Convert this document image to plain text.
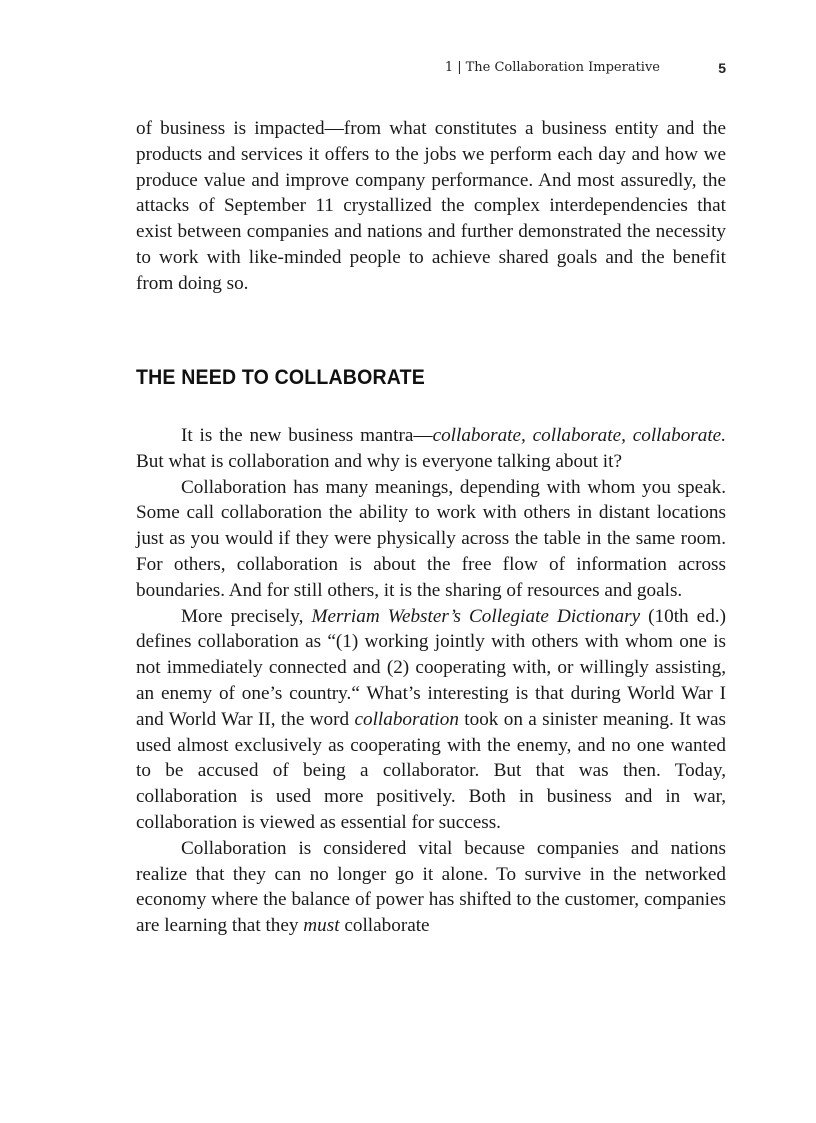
1 | The Collaboration Imperative	5

of business is impacted—from what constitutes a business entity and the products and services it offers to the jobs we perform each day and how we produce value and improve company performance. And most assuredly, the attacks of September 11 crystallized the complex interdependencies that exist between companies and nations and further demonstrated the necessity to work with like-minded people to achieve shared goals and the benefit from doing so.

THE NEED TO COLLABORATE

It is the new business mantra—collaborate, collaborate, collaborate. But what is collaboration and why is everyone talking about it?

Collaboration has many meanings, depending with whom you speak. Some call collaboration the ability to work with others in distant locations just as you would if they were physically across the table in the same room. For others, collaboration is about the free flow of information across boundaries. And for still others, it is the sharing of resources and goals.

More precisely, Merriam Webster’s Collegiate Dictionary (10th ed.) defines collaboration as “(1) working jointly with others with whom one is not immediately connected and (2) cooperating with, or willingly assisting, an enemy of one’s country.“ What’s interesting is that during World War I and World War II, the word collaboration took on a sinister meaning. It was used almost exclusively as cooperating with the enemy, and no one wanted to be accused of being a collaborator. But that was then. Today, collaboration is used more positively. Both in business and in war, collaboration is viewed as essential for success.

Collaboration is considered vital because companies and nations realize that they can no longer go it alone. To survive in the networked economy where the balance of power has shifted to the customer, companies are learning that they must collaborate
